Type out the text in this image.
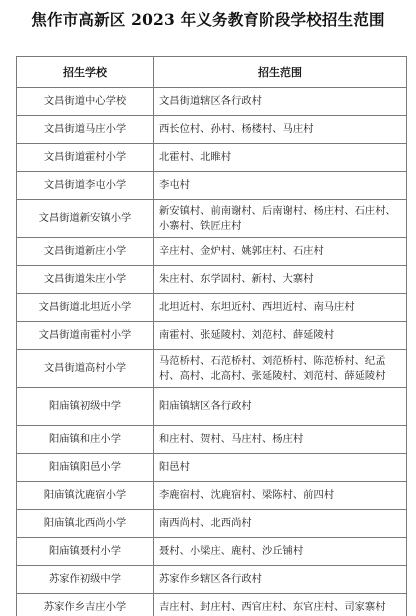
焦作市高新区 2023 年义务教育阶段学校招生范围
招生学校	招生范围
文昌街道中心学校	文昌街道辖区各行政村
文昌街道马庄小学	西长位村、孙村、杨楼村、马庄村
文昌街道霍村小学	北霍村、北睢村
文昌街道李屯小学	李屯村
文昌街道新安镇小学	新安镇村、前南谢村、后南谢村、杨庄村、石庄村、小寨村、铁匠庄村
文昌街道新庄小学	辛庄村、金炉村、姚郭庄村、石庄村
文昌街道朱庄小学	朱庄村、东学固村、新村、大寨村
文昌街道北坦近小学	北坦近村、东坦近村、西坦近村、南马庄村
文昌街道南霍村小学	南霍村、张延陵村、刘范村、薛延陵村
文昌街道高村小学	马范桥村、石范桥村、刘范桥村、陈范桥村、纪孟村、高村、北高村、张延陵村、刘范村、薛延陵村
阳庙镇初级中学	阳庙镇辖区各行政村
阳庙镇和庄小学	和庄村、贺村、马庄村、杨庄村
阳庙镇阳邑小学	阳邑村
阳庙镇沈鹿宿小学	李鹿宿村、沈鹿宿村、梁陈村、前四村
阳庙镇北西尚小学	南西尚村、北西尚村
阳庙镇聂村小学	聂村、小梁庄、鹿村、沙丘铺村
苏家作初级中学	苏家作乡辖区各行政村
苏家作乡吉庄小学	吉庄村、封庄村、西官庄村、东官庄村、司家寨村
